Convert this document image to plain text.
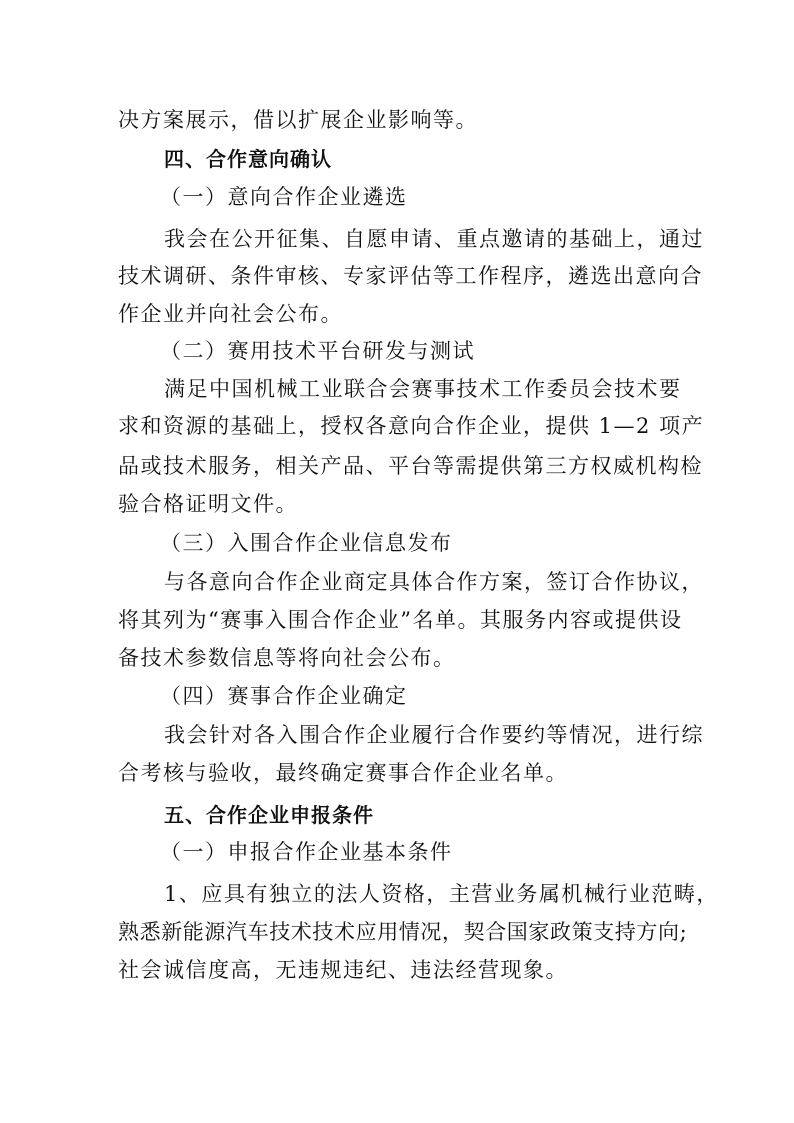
决方案展示，借以扩展企业影响等。
四、合作意向确认
（一）意向合作企业遴选
我会在公开征集、自愿申请、重点邀请的基础上，通过
技术调研、条件审核、专家评估等工作程序，遴选出意向合
作企业并向社会公布。
（二）赛用技术平台研发与测试
满足中国机械工业联合会赛事技术工作委员会技术要
求和资源的基础上，授权各意向合作企业，提供 1—2 项产
品或技术服务，相关产品、平台等需提供第三方权威机构检
验合格证明文件。
（三）入围合作企业信息发布
与各意向合作企业商定具体合作方案，签订合作协议，
将其列为“赛事入围合作企业”名单。其服务内容或提供设
备技术参数信息等将向社会公布。
（四）赛事合作企业确定
我会针对各入围合作企业履行合作要约等情况，进行综
合考核与验收，最终确定赛事合作企业名单。
五、合作企业申报条件
（一）申报合作企业基本条件
1、应具有独立的法人资格，主营业务属机械行业范畴，
熟悉新能源汽车技术技术应用情况，契合国家政策支持方向;
社会诚信度高，无违规违纪、违法经营现象。
